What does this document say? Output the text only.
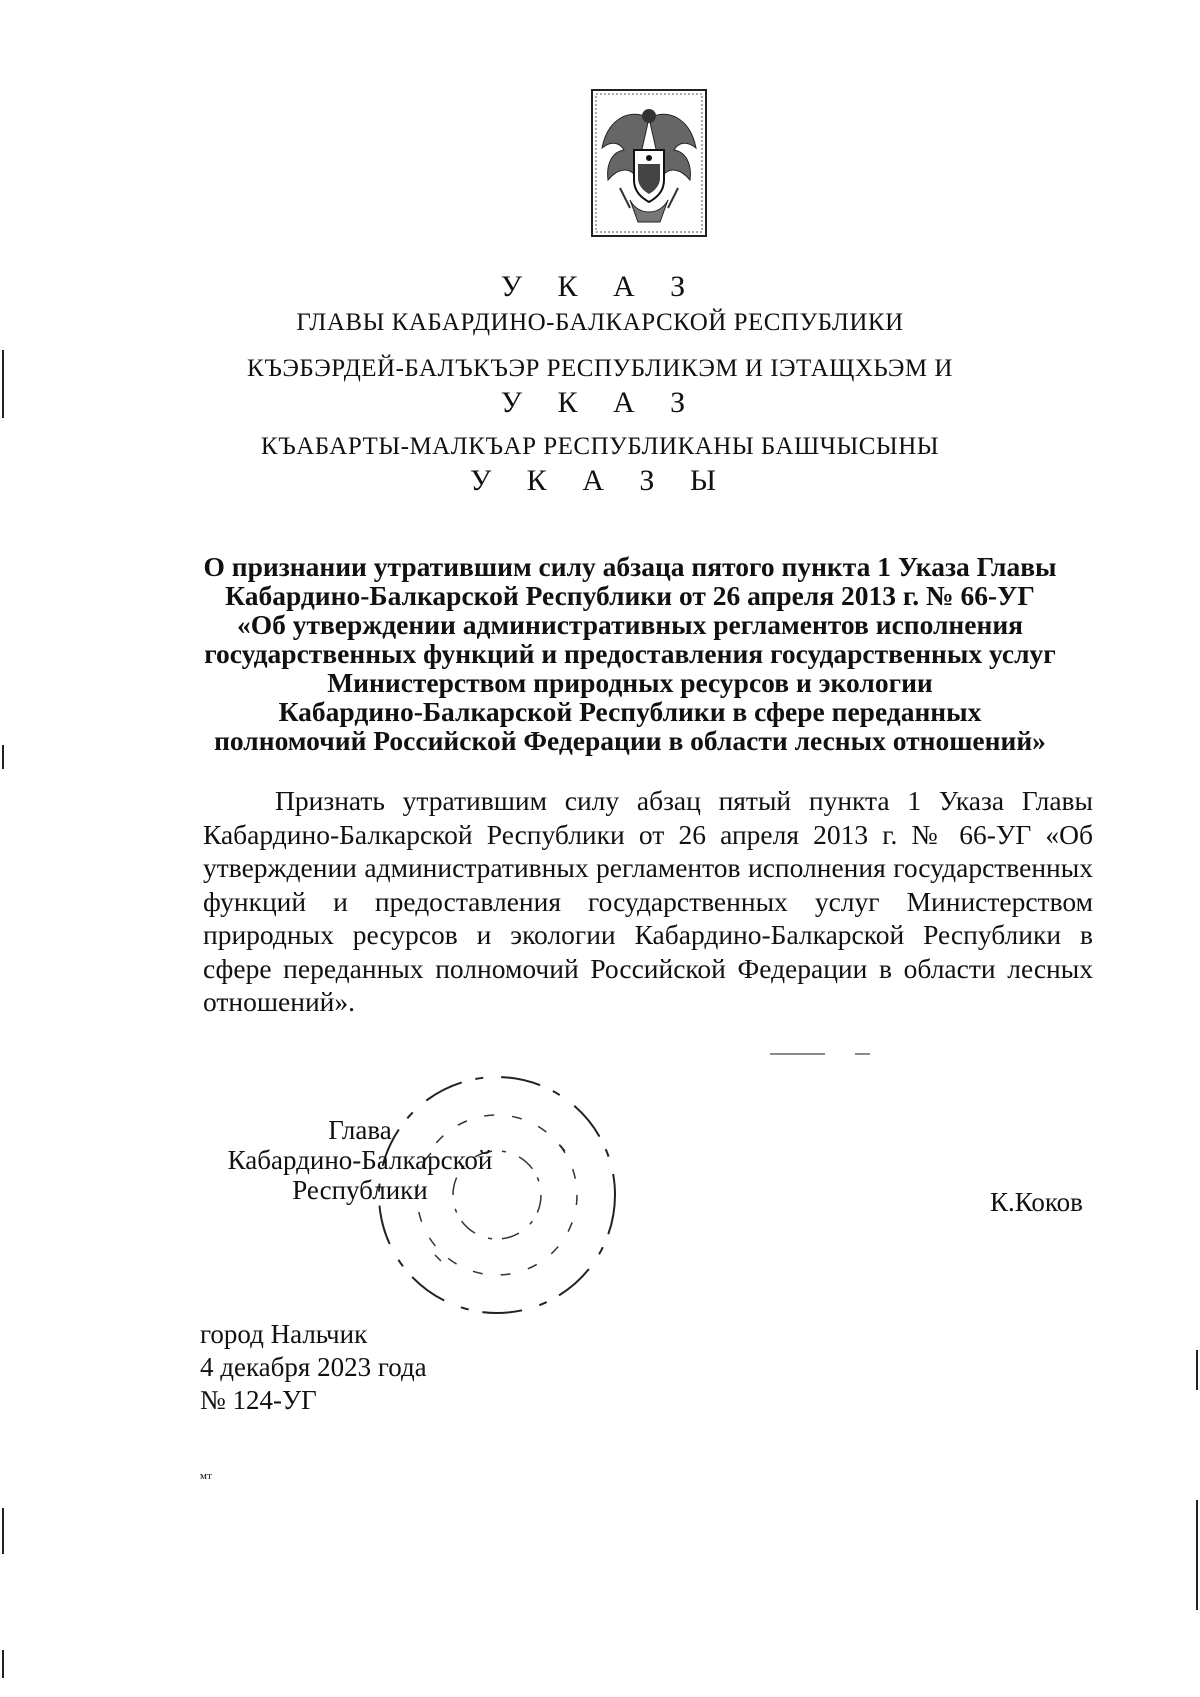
У К А З
ГЛАВЫ КАБАРДИНО-БАЛКАРСКОЙ РЕСПУБЛИКИ
КЪЭБЭРДЕЙ-БАЛЪКЪЭР РЕСПУБЛИКЭМ И ІЭТАЩХЬЭМ И
У К А З
КЪАБАРТЫ-МАЛКЪАР РЕСПУБЛИКАНЫ БАШЧЫСЫНЫ
У К А З Ы
О признании утратившим силу абзаца пятого пункта 1 Указа Главы
Кабардино-Балкарской Республики от 26 апреля 2013 г. № 66-УГ
«Об утверждении административных регламентов исполнения
государственных функций и предоставления государственных услуг
Министерством природных ресурсов и экологии
Кабардино-Балкарской Республики в сфере переданных
полномочий Российской Федерации в области лесных отношений»
Признать утратившим силу абзац пятый пункта 1 Указа Главы Кабардино-Балкарской Республики от 26 апреля 2013 г. № 66-УГ «Об утверждении административных регламентов исполнения государственных функций и предоставления государственных услуг Министерством природных ресурсов и экологии Кабардино-Балкарской Республики в сфере переданных полномочий Российской Федерации в области лесных отношений».
Глава
Кабардино-Балкарской
Республики	К.Коков
город Нальчик
4 декабря 2023 года
№ 124-УГ
мт
